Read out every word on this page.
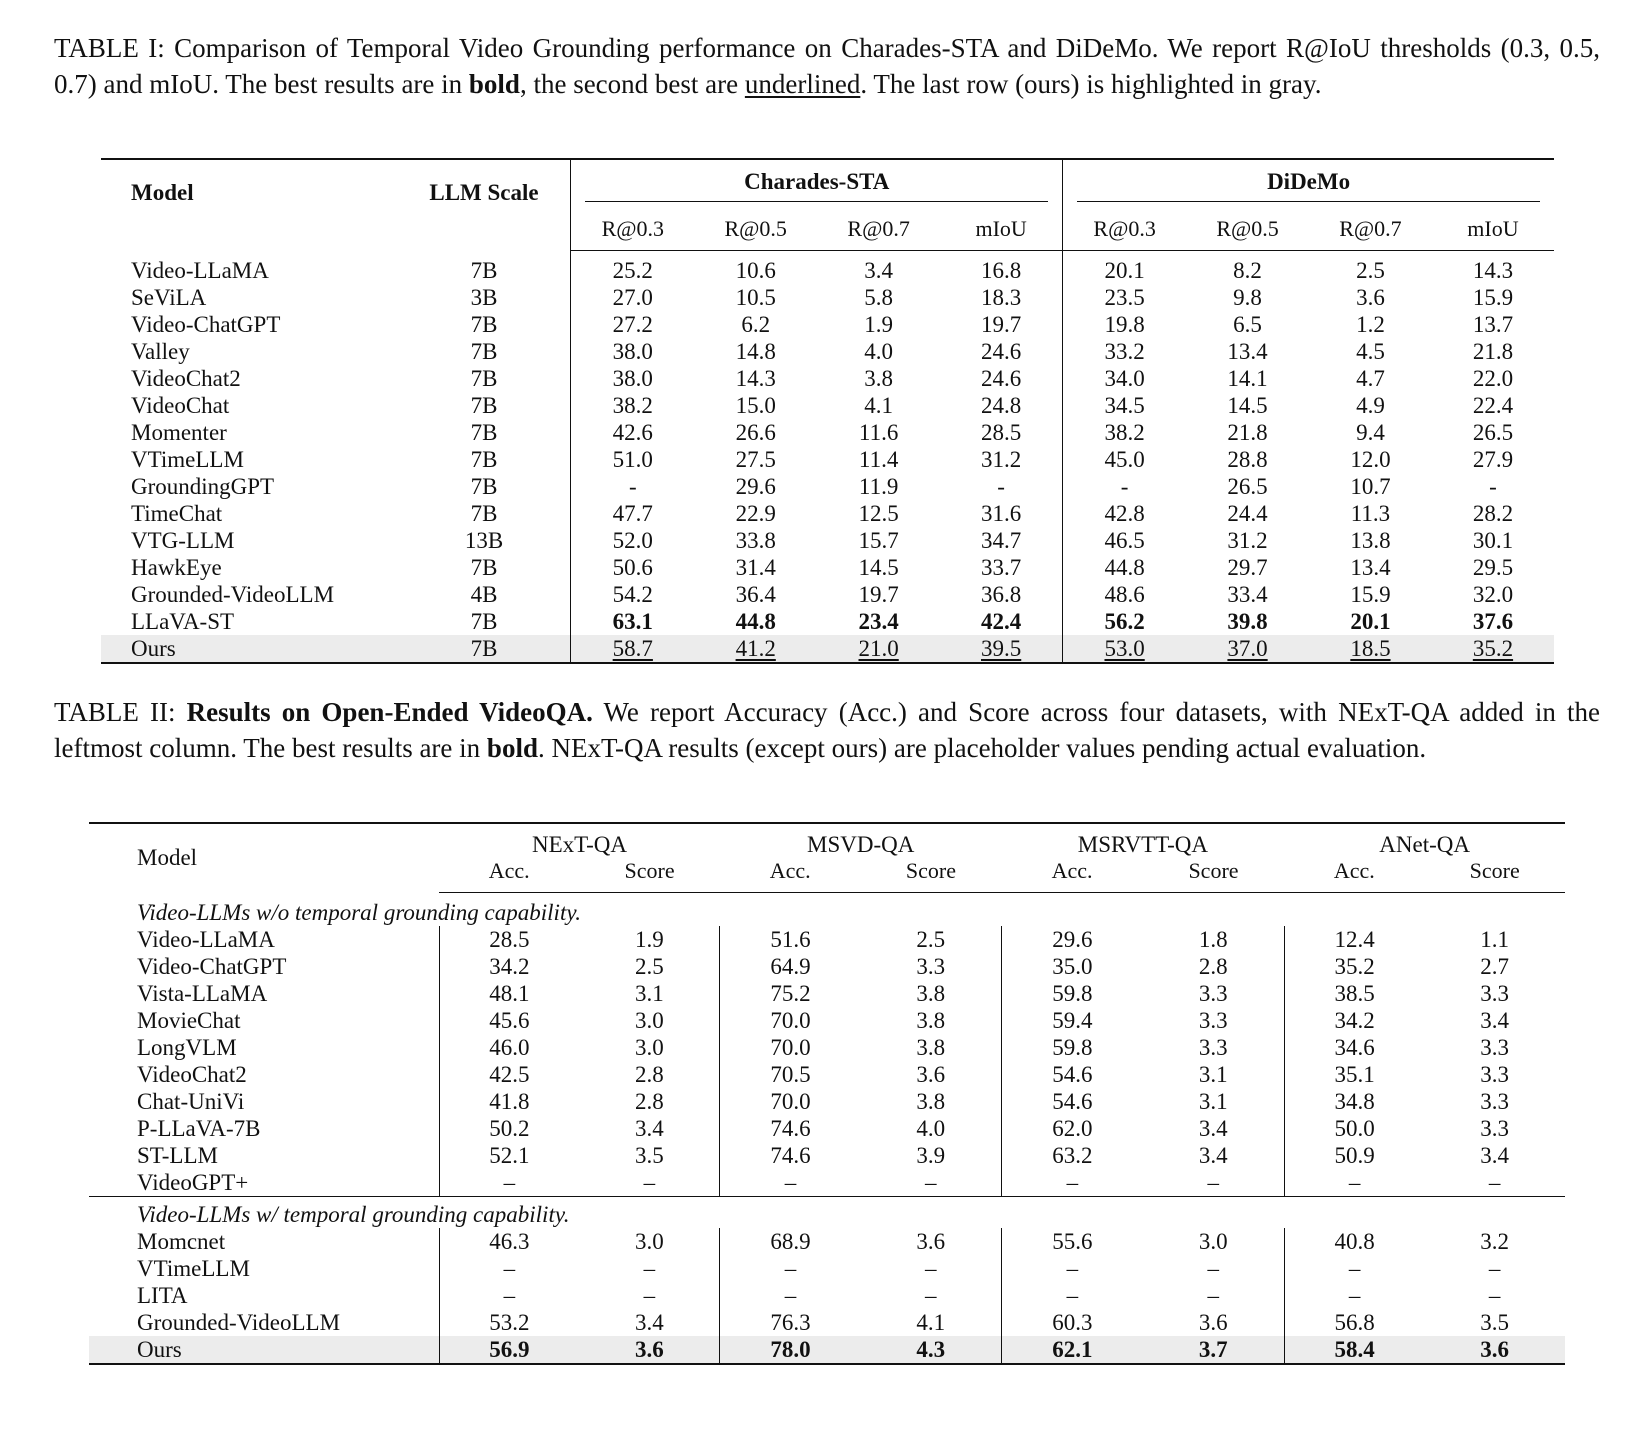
TABLE I: Comparison of Temporal Video Grounding performance on Charades-STA and DiDeMo. We report R@IoU thresholds (0.3, 0.5, 0.7) and mIoU. The best results are in bold, the second best are underlined. The last row (ours) is highlighted in gray.

Model	LLM Scale	Charades-STA				DiDeMo			

		R@0.3	R@0.5	R@0.7	mIoU	R@0.3	R@0.5	R@0.7	mIoU
Video-LLaMA	7B	25.2	10.6	3.4	16.8	20.1	8.2	2.5	14.3
SeViLA	3B	27.0	10.5	5.8	18.3	23.5	9.8	3.6	15.9
Video-ChatGPT	7B	27.2	6.2	1.9	19.7	19.8	6.5	1.2	13.7
Valley	7B	38.0	14.8	4.0	24.6	33.2	13.4	4.5	21.8
VideoChat2	7B	38.0	14.3	3.8	24.6	34.0	14.1	4.7	22.0
VideoChat	7B	38.2	15.0	4.1	24.8	34.5	14.5	4.9	22.4
Momenter	7B	42.6	26.6	11.6	28.5	38.2	21.8	9.4	26.5
VTimeLLM	7B	51.0	27.5	11.4	31.2	45.0	28.8	12.0	27.9
GroundingGPT	7B	-	29.6	11.9	-	-	26.5	10.7	-
TimeChat	7B	47.7	22.9	12.5	31.6	42.8	24.4	11.3	28.2
VTG-LLM	13B	52.0	33.8	15.7	34.7	46.5	31.2	13.8	30.1
HawkEye	7B	50.6	31.4	14.5	33.7	44.8	29.7	13.4	29.5
Grounded-VideoLLM	4B	54.2	36.4	19.7	36.8	48.6	33.4	15.9	32.0
LLaVA-ST	7B	63.1	44.8	23.4	42.4	56.2	39.8	20.1	37.6
Ours	7B	58.7	41.2	21.0	39.5	53.0	37.0	18.5	35.2

TABLE II: Results on Open-Ended VideoQA. We report Accuracy (Acc.) and Score across four datasets, with NExT-QA added in the leftmost column. The best results are in bold. NExT-QA results (except ours) are placeholder values pending actual evaluation.

Model	NExT-QA		MSVD-QA		MSRVTT-QA		ANet-QA	
	Acc.	Score	Acc.	Score	Acc.	Score	Acc.	Score
Video-LLMs w/o temporal grounding capability.								
Video-LLaMA	28.5	1.9	51.6	2.5	29.6	1.8	12.4	1.1
Video-ChatGPT	34.2	2.5	64.9	3.3	35.0	2.8	35.2	2.7
Vista-LLaMA	48.1	3.1	75.2	3.8	59.8	3.3	38.5	3.3
MovieChat	45.6	3.0	70.0	3.8	59.4	3.3	34.2	3.4
LongVLM	46.0	3.0	70.0	3.8	59.8	3.3	34.6	3.3
VideoChat2	42.5	2.8	70.5	3.6	54.6	3.1	35.1	3.3
Chat-UniVi	41.8	2.8	70.0	3.8	54.6	3.1	34.8	3.3
P-LLaVA-7B	50.2	3.4	74.6	4.0	62.0	3.4	50.0	3.3
ST-LLM	52.1	3.5	74.6	3.9	63.2	3.4	50.9	3.4
VideoGPT+	–	–	–	–	–	–	–	–
Video-LLMs w/ temporal grounding capability.								
Momcnet	46.3	3.0	68.9	3.6	55.6	3.0	40.8	3.2
VTimeLLM	–	–	–	–	–	–	–	–
LITA	–	–	–	–	–	–	–	–
Grounded-VideoLLM	53.2	3.4	76.3	4.1	60.3	3.6	56.8	3.5
Ours	56.9	3.6	78.0	4.3	62.1	3.7	58.4	3.6
